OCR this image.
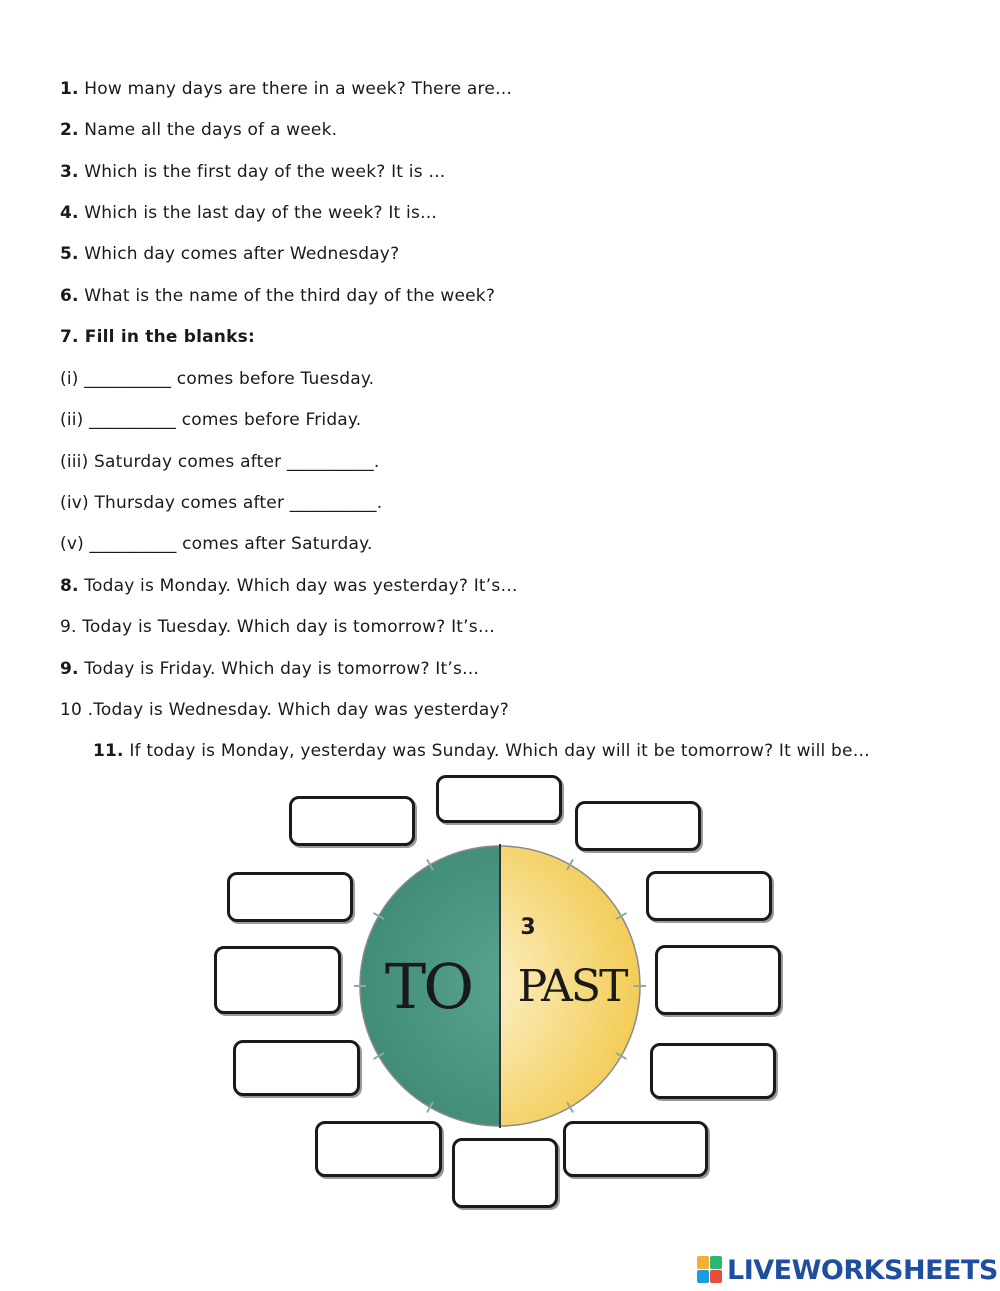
1. How many days are there in a week? There are…
2. Name all the days of a week.
3. Which is the first day of the week? It is …
4. Which is the last day of the week? It is…
5. Which day comes after Wednesday?
6. What is the name of the third day of the week?
7. Fill in the blanks:
(i) __________ comes before Tuesday.
(ii) __________ comes before Friday.
(iii) Saturday comes after __________.
(iv) Thursday comes after __________.
(v) __________ comes after Saturday.
8. Today is Monday. Which day was yesterday? It’s…
9. Today is Tuesday. Which day is tomorrow? It’s…
9. Today is Friday. Which day is tomorrow? It’s…
10 .Today is Wednesday. Which day was yesterday?
11. If today is Monday, yesterday was Sunday. Which day will it be tomorrow? It will be…
TO PAST
3
LIVEWORKSHEETS
